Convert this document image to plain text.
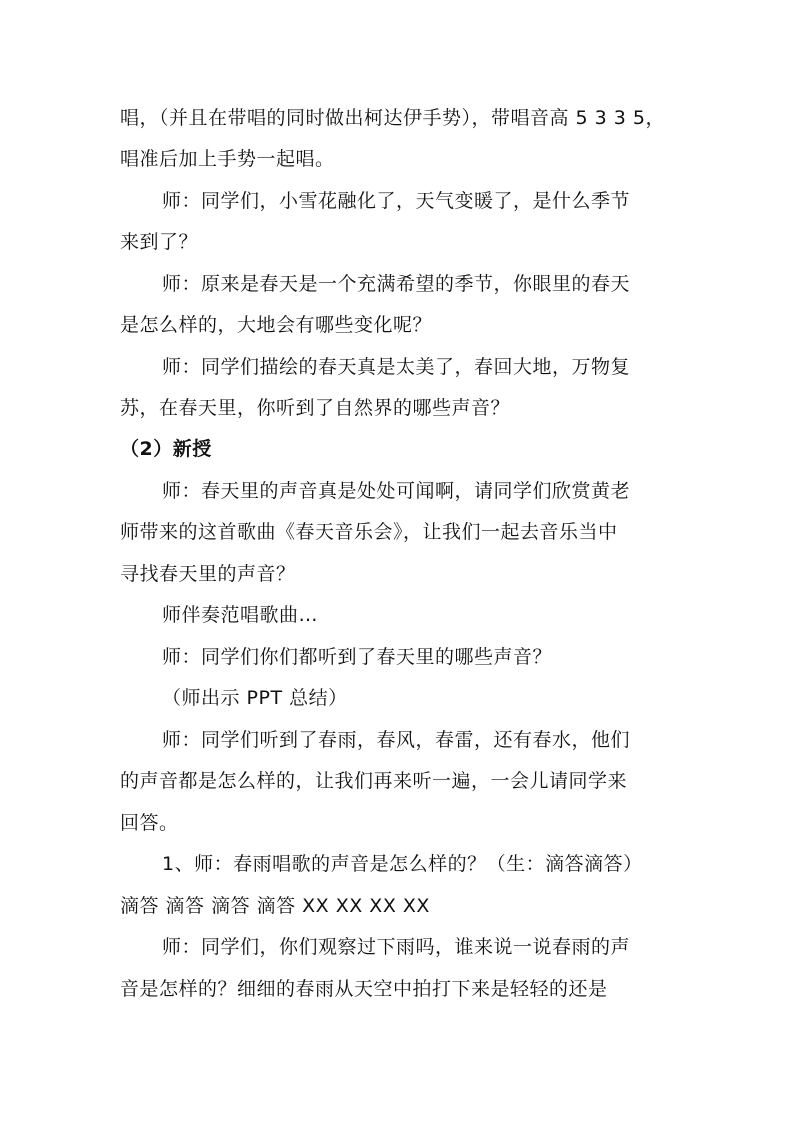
唱，（并且在带唱的同时做出柯达伊手势），带唱音高 5 3 3 5，
唱准后加上手势一起唱。
师：同学们，小雪花融化了，天气变暖了，是什么季节
来到了？
师：原来是春天是一个充满希望的季节，你眼里的春天
是怎么样的，大地会有哪些变化呢？
师：同学们描绘的春天真是太美了，春回大地，万物复
苏，在春天里，你听到了自然界的哪些声音？
（2）新授
师：春天里的声音真是处处可闻啊，请同学们欣赏黄老
师带来的这首歌曲《春天音乐会》，让我们一起去音乐当中
寻找春天里的声音？
师伴奏范唱歌曲…
师：同学们你们都听到了春天里的哪些声音？
（师出示 PPT 总结）
师：同学们听到了春雨，春风，春雷，还有春水，他们
的声音都是怎么样的，让我们再来听一遍，一会儿请同学来
回答。
1、师：春雨唱歌的声音是怎么样的？（生：滴答滴答）
滴答 滴答 滴答 滴答 XX XX XX XX
师：同学们，你们观察过下雨吗，谁来说一说春雨的声
音是怎样的？细细的春雨从天空中拍打下来是轻轻的还是
